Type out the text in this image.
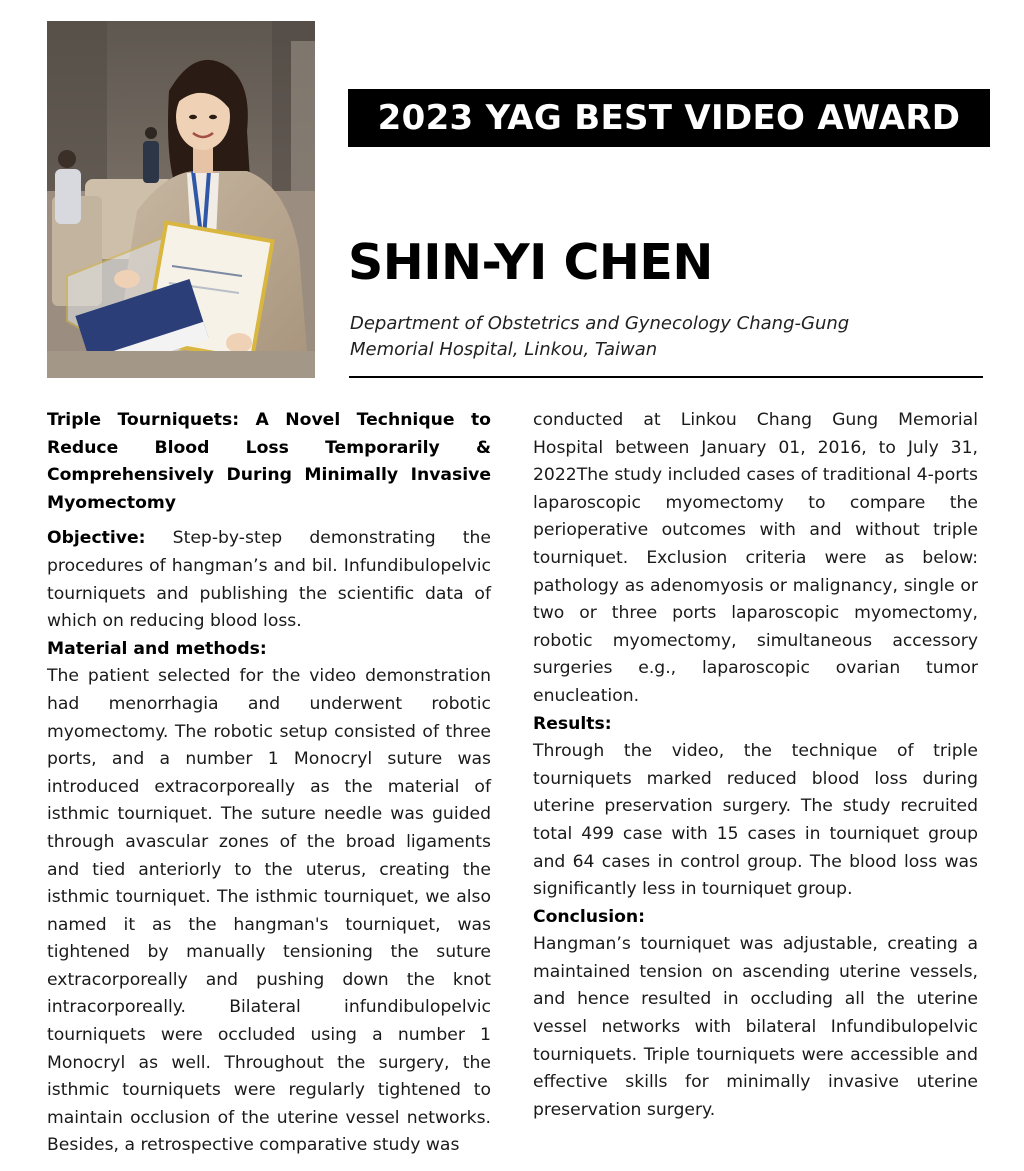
2023 YAG BEST VIDEO AWARD
SHIN-YI CHEN
Department of Obstetrics and Gynecology Chang-Gung
Memorial Hospital, Linkou, Taiwan

Triple Tourniquets: A Novel Technique to Reduce Blood Loss Temporarily & Comprehensively During Minimally Invasive Myomectomy

Objective: Step-by-step demonstrating the procedures of hangman’s and bil. Infundibulopelvic tourniquets and publishing the scientific data of which on reducing blood loss.

Material and methods:

The patient selected for the video demonstration had menorrhagia and underwent robotic myomectomy. The robotic setup consisted of three ports, and a number 1 Monocryl suture was introduced extracorporeally as the material of isthmic tourniquet. The suture needle was guided through avascular zones of the broad ligaments and tied anteriorly to the uterus, creating the isthmic tourniquet. The isthmic tourniquet, we also named it as the hangman's tourniquet, was tightened by manually tensioning the suture extracorporeally and pushing down the knot intracorporeally. Bilateral infundibulopelvic tourniquets were occluded using a number 1 Monocryl as well. Throughout the surgery, the isthmic tourniquets were regularly tightened to maintain occlusion of the uterine vessel networks. Besides, a retrospective comparative study was

conducted at Linkou Chang Gung Memorial Hospital between January 01, 2016, to July 31, 2022The study included cases of traditional 4-ports laparoscopic myomectomy to compare the perioperative outcomes with and without triple tourniquet. Exclusion criteria were as below: pathology as adenomyosis or malignancy, single or two or three ports laparoscopic myomectomy, robotic myomectomy, simultaneous accessory surgeries e.g., laparoscopic ovarian tumor enucleation.

Results:

Through the video, the technique of triple tourniquets marked reduced blood loss during uterine preservation surgery. The study recruited total 499 case with 15 cases in tourniquet group and 64 cases in control group. The blood loss was significantly less in tourniquet group.

Conclusion:

Hangman’s tourniquet was adjustable, creating a maintained tension on ascending uterine vessels, and hence resulted in occluding all the uterine vessel networks with bilateral Infundibulopelvic tourniquets. Triple tourniquets were accessible and effective skills for minimally invasive uterine preservation surgery.
